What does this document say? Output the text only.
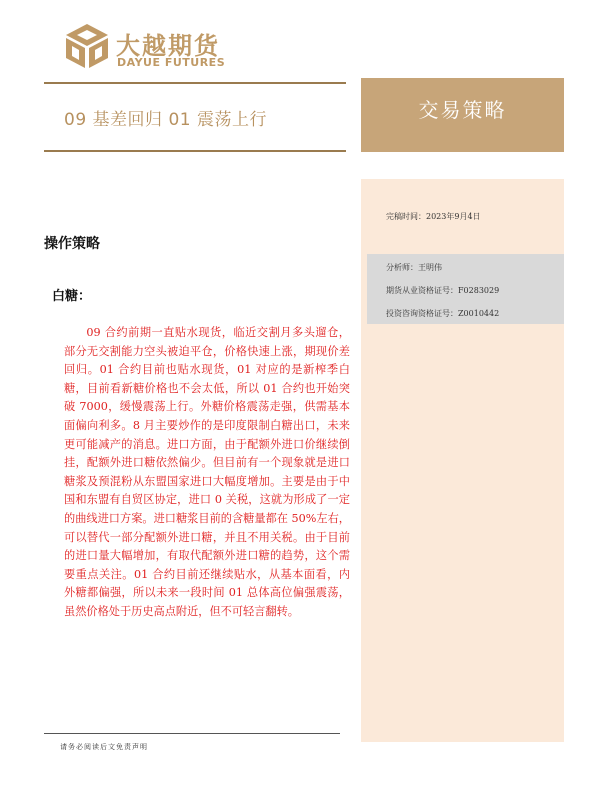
大越期货
DAYUE FUTURES
09 基差回归 01 震荡上行	交易策略
完稿时间：2023年9月4日
分析师：王明伟
期货从业资格证号：F0283029
投资咨询资格证号：Z0010442
操作策略
白糖：
09 合约前期一直贴水现货，临近交割月多头遛仓，部分无交割能力空头被迫平仓，价格快速上涨，期现价差回归。01 合约目前也贴水现货，01 对应的是新榨季白糖，目前看新糖价格也不会太低，所以 01 合约也开始突破 7000，缓慢震荡上行。外糖价格震荡走强，供需基本面偏向利多。8 月主要炒作的是印度限制白糖出口，未来更可能减产的消息。进口方面，由于配额外进口价继续倒挂，配额外进口糖依然偏少。但目前有一个现象就是进口糖浆及预混粉从东盟国家进口大幅度增加。主要是由于中国和东盟有自贸区协定，进口 0 关税，这就为形成了一定的曲线进口方案。进口糖浆目前的含糖量都在 50%左右，可以替代一部分配额外进口糖，并且不用关税。由于目前的进口量大幅增加，有取代配额外进口糖的趋势，这个需要重点关注。01 合约目前还继续贴水，从基本面看，内外糖都偏强，所以未来一段时间 01 总体高位偏强震荡，虽然价格处于历史高点附近，但不可轻言翻转。
请务必阅读后文免责声明
